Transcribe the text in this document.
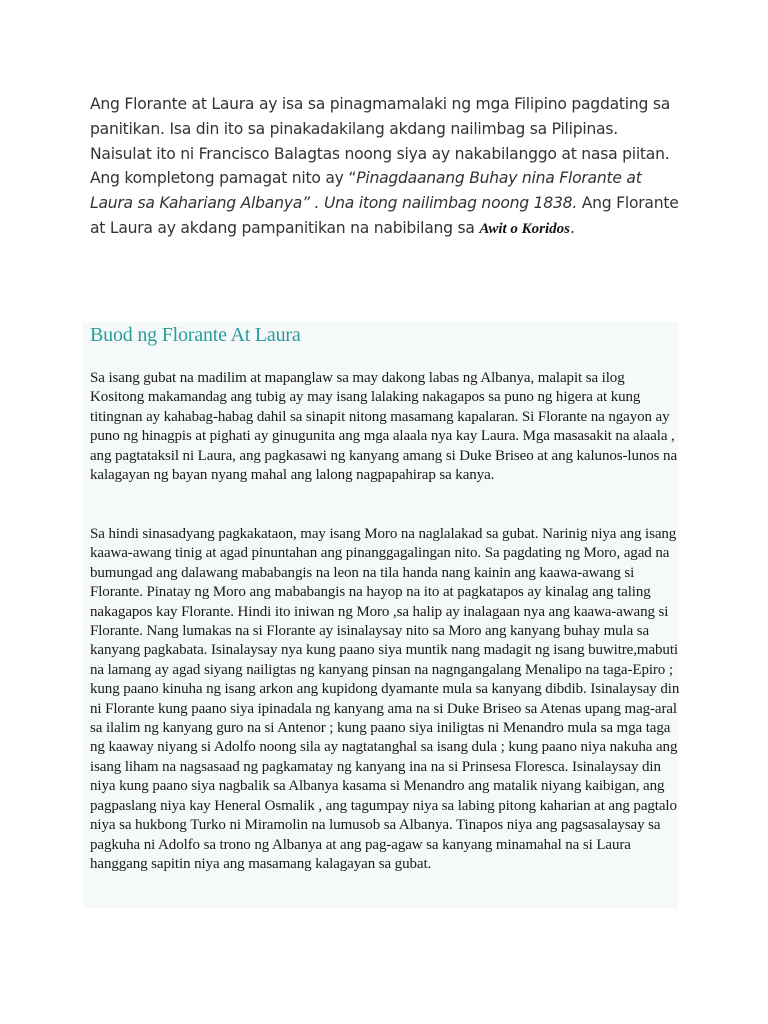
Ang Florante at Laura ay isa sa pinagmamalaki ng mga Filipino pagdating sa panitikan. Isa din ito sa pinakadakilang akdang nailimbag sa Pilipinas. Naisulat ito ni Francisco Balagtas noong siya ay nakabilanggo at nasa piitan. Ang kompletong pamagat nito ay “Pinagdaanang Buhay nina Florante at Laura sa Kahariang Albanya” . Una itong nailimbag noong 1838. Ang Florante at Laura ay akdang pampanitikan na nabibilang sa Awit o Koridos.
Buod ng Florante At Laura

Sa isang gubat na madilim at mapanglaw sa may dakong labas ng Albanya, malapit sa ilog Kositong makamandag ang tubig ay may isang lalaking nakagapos sa puno ng higera at kung titingnan ay kahabag-habag dahil sa sinapit nitong masamang kapalaran. Si Florante na ngayon ay puno ng hinagpis at pighati ay ginugunita ang mga alaala nya kay Laura. Mga masasakit na alaala , ang pagtataksil ni Laura, ang pagkasawi ng kanyang amang si Duke Briseo at ang kalunos-lunos na kalagayan ng bayan nyang mahal ang lalong nagpapahirap sa kanya.

Sa hindi sinasadyang pagkakataon, may isang Moro na naglalakad sa gubat. Narinig niya ang isang kaawa-awang tinig at agad pinuntahan ang pinanggagalingan nito. Sa pagdating ng Moro, agad na bumungad ang dalawang mababangis na leon na tila handa nang kainin ang kaawa-awang si Florante. Pinatay ng Moro ang mababangis na hayop na ito at pagkatapos ay kinalag ang taling nakagapos kay Florante. Hindi ito iniwan ng Moro ,sa halip ay inalagaan nya ang kaawa-awang si Florante. Nang lumakas na si Florante ay isinalaysay nito sa Moro ang kanyang buhay mula sa kanyang pagkabata. Isinalaysay nya kung paano siya muntik nang madagit ng isang buwitre,mabuti na lamang ay agad siyang nailigtas ng kanyang pinsan na nagngangalang Menalipo na taga-Epiro ; kung paano kinuha ng isang arkon ang kupidong dyamante mula sa kanyang dibdib. Isinalaysay din ni Florante kung paano siya ipinadala ng kanyang ama na si Duke Briseo sa Atenas upang mag-aral sa ilalim ng kanyang guro na si Antenor ; kung paano siya iniligtas ni Menandro mula sa mga taga ng kaaway niyang si Adolfo noong sila ay nagtatanghal sa isang dula ; kung paano niya nakuha ang isang liham na nagsasaad ng pagkamatay ng kanyang ina na si Prinsesa Floresca. Isinalaysay din niya kung paano siya nagbalik sa Albanya kasama si Menandro ang matalik niyang kaibigan, ang pagpaslang niya kay Heneral Osmalik , ang tagumpay niya sa labing pitong kaharian at ang pagtalo niya sa hukbong Turko ni Miramolin na lumusob sa Albanya. Tinapos niya ang pagsasalaysay sa pagkuha ni Adolfo sa trono ng Albanya at ang pag-agaw sa kanyang minamahal na si Laura hanggang sapitin niya ang masamang kalagayan sa gubat.
